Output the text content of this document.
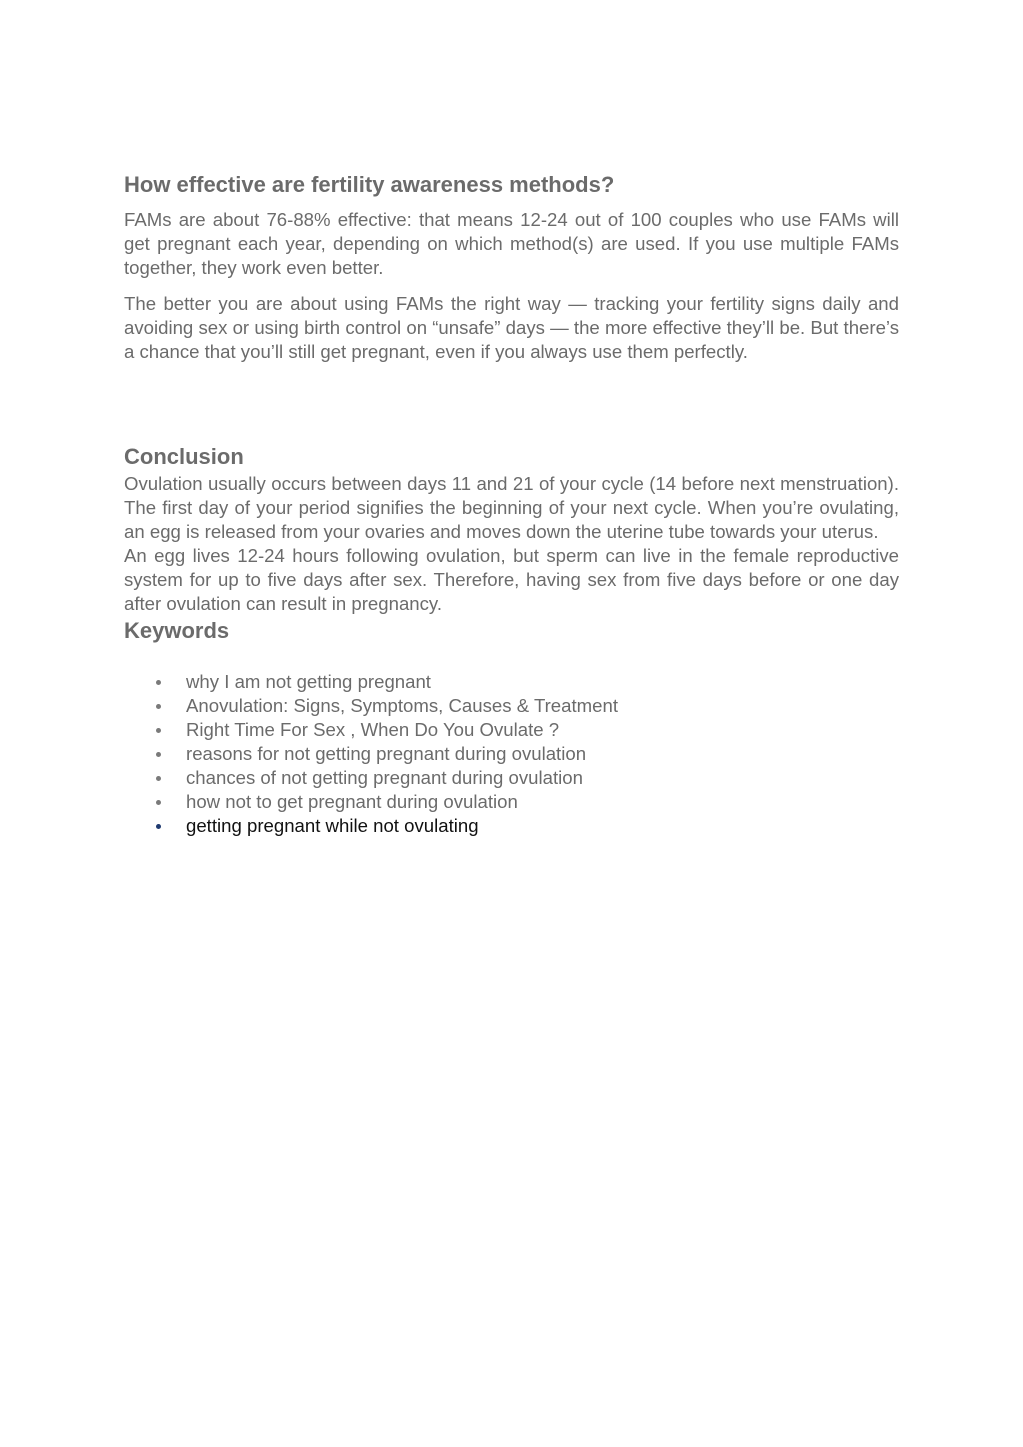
How effective are fertility awareness methods?

FAMs are about 76-88% effective: that means 12-24 out of 100 couples who use FAMs will get pregnant each year, depending on which method(s) are used. If you use multiple FAMs together, they work even better.

The better you are about using FAMs the right way — tracking your fertility signs daily and avoiding sex or using birth control on “unsafe” days — the more effective they’ll be. But there’s a chance that you’ll still get pregnant, even if you always use them perfectly.

Conclusion

Ovulation usually occurs between days 11 and 21 of your cycle (14 before next menstruation). The first day of your period signifies the beginning of your next cycle. When you’re ovulating, an egg is released from your ovaries and moves down the uterine tube towards your uterus.

An egg lives 12-24 hours following ovulation, but sperm can live in the female reproductive system for up to five days after sex. Therefore, having sex from five days before or one day after ovulation can result in pregnancy.

Keywords
why I am not getting pregnant
Anovulation: Signs, Symptoms, Causes & Treatment
Right Time For Sex , When Do You Ovulate ?
reasons for not getting pregnant during ovulation
chances of not getting pregnant during ovulation
how not to get pregnant during ovulation
getting pregnant while not ovulating
